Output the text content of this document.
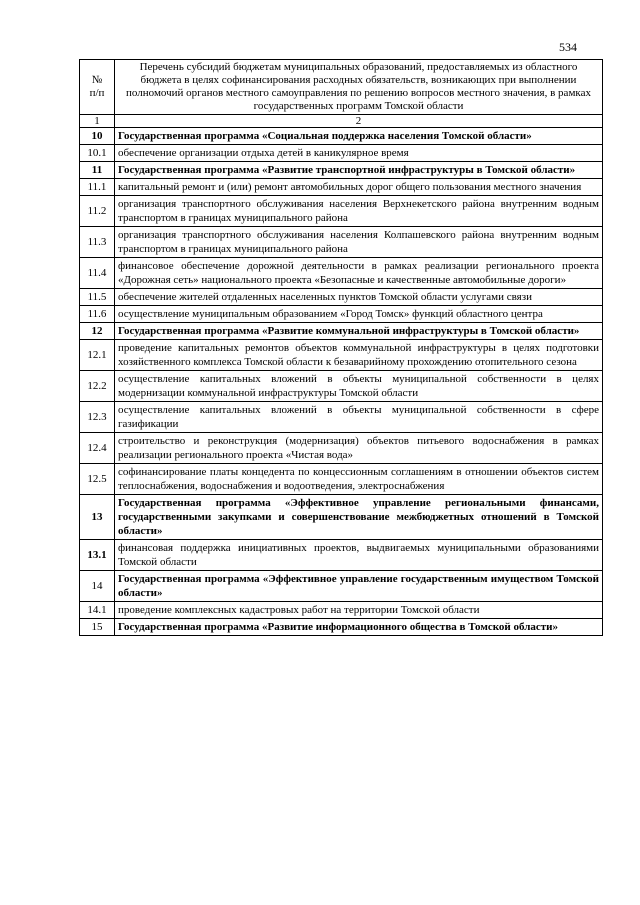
534
№
п/п	Перечень субсидий бюджетам муниципальных образований, предоставляемых из областного бюджета в целях софинансирования расходных обязательств, возникающих при выполнении полномочий органов местного самоуправления по решению вопросов местного значения, в рамках государственных программ Томской области
1	2
10	Государственная программа «Социальная поддержка населения Томской области»
10.1	обеспечение организации отдыха детей в каникулярное время
11	Государственная программа «Развитие транспортной инфраструктуры в Томской области»
11.1	капитальный ремонт и (или) ремонт автомобильных дорог общего пользования местного значения
11.2	организация транспортного обслуживания населения Верхнекетского района внутренним водным транспортом в границах муниципального района
11.3	организация транспортного обслуживания населения Колпашевского района внутренним водным транспортом в границах муниципального района
11.4	финансовое обеспечение дорожной деятельности в рамках реализации регионального проекта «Дорожная сеть» национального проекта «Безопасные и качественные автомобильные дороги»
11.5	обеспечение жителей отдаленных населенных пунктов Томской области услугами связи
11.6	осуществление муниципальным образованием «Город Томск» функций областного центра
12	Государственная программа «Развитие коммунальной инфраструктуры в Томской области»
12.1	проведение капитальных ремонтов объектов коммунальной инфраструктуры в целях подготовки хозяйственного комплекса Томской области к безаварийному прохождению отопительного сезона
12.2	осуществление капитальных вложений в объекты муниципальной собственности в целях модернизации коммунальной инфраструктуры Томской области
12.3	осуществление капитальных вложений в объекты муниципальной собственности в сфере газификации
12.4	строительство и реконструкция (модернизация) объектов питьевого водоснабжения в рамках реализации регионального проекта «Чистая вода»
12.5	софинансирование платы концедента по концессионным соглашениям в отношении объектов систем теплоснабжения, водоснабжения и водоотведения, электроснабжения
13	Государственная программа «Эффективное управление региональными финансами, государственными закупками и совершенствование межбюджетных отношений в Томской области»
13.1	финансовая поддержка инициативных проектов, выдвигаемых муниципальными образованиями Томской области
14	Государственная программа «Эффективное управление государственным имуществом Томской области»
14.1	проведение комплексных кадастровых работ на территории Томской области
15	Государственная программа «Развитие информационного общества в Томской области»
